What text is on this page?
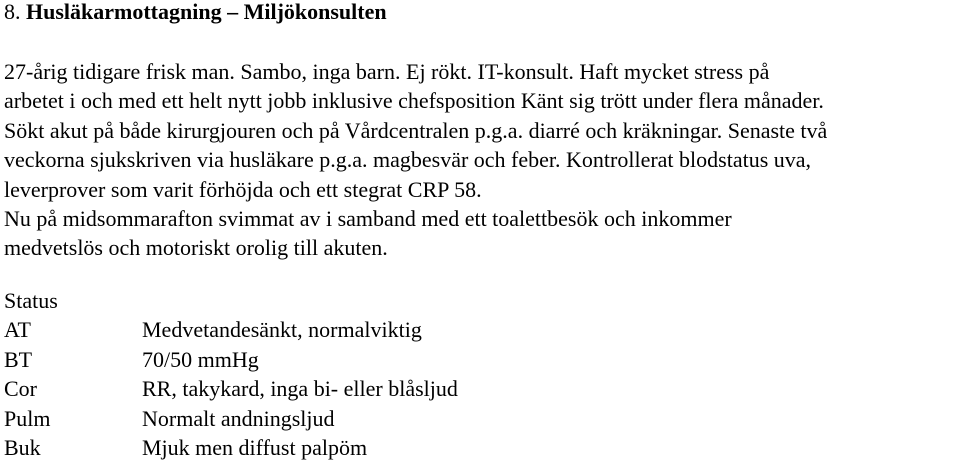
8. Husläkarmottagning – Miljökonsulten
27-årig tidigare frisk man. Sambo, inga barn. Ej rökt. IT-konsult. Haft mycket stress på
arbetet i och med ett helt nytt jobb inklusive chefsposition Känt sig trött under flera månader.
Sökt akut på både kirurgjouren och på Vårdcentralen p.g.a. diarré och kräkningar. Senaste två
veckorna sjukskriven via husläkare p.g.a. magbesvär och feber. Kontrollerat blodstatus uva,
leverprover som varit förhöjda och ett stegrat CRP 58.
Nu på midsommarafton svimmat av i samband med ett toalettbesök och inkommer
medvetslös och motoriskt orolig till akuten.
Status
AT	Medvetandesänkt, normalviktig
BT	70/50 mmHg
Cor	RR, takykard, inga bi- eller blåsljud
Pulm	Normalt andningsljud
Buk	Mjuk men diffust palpöm
